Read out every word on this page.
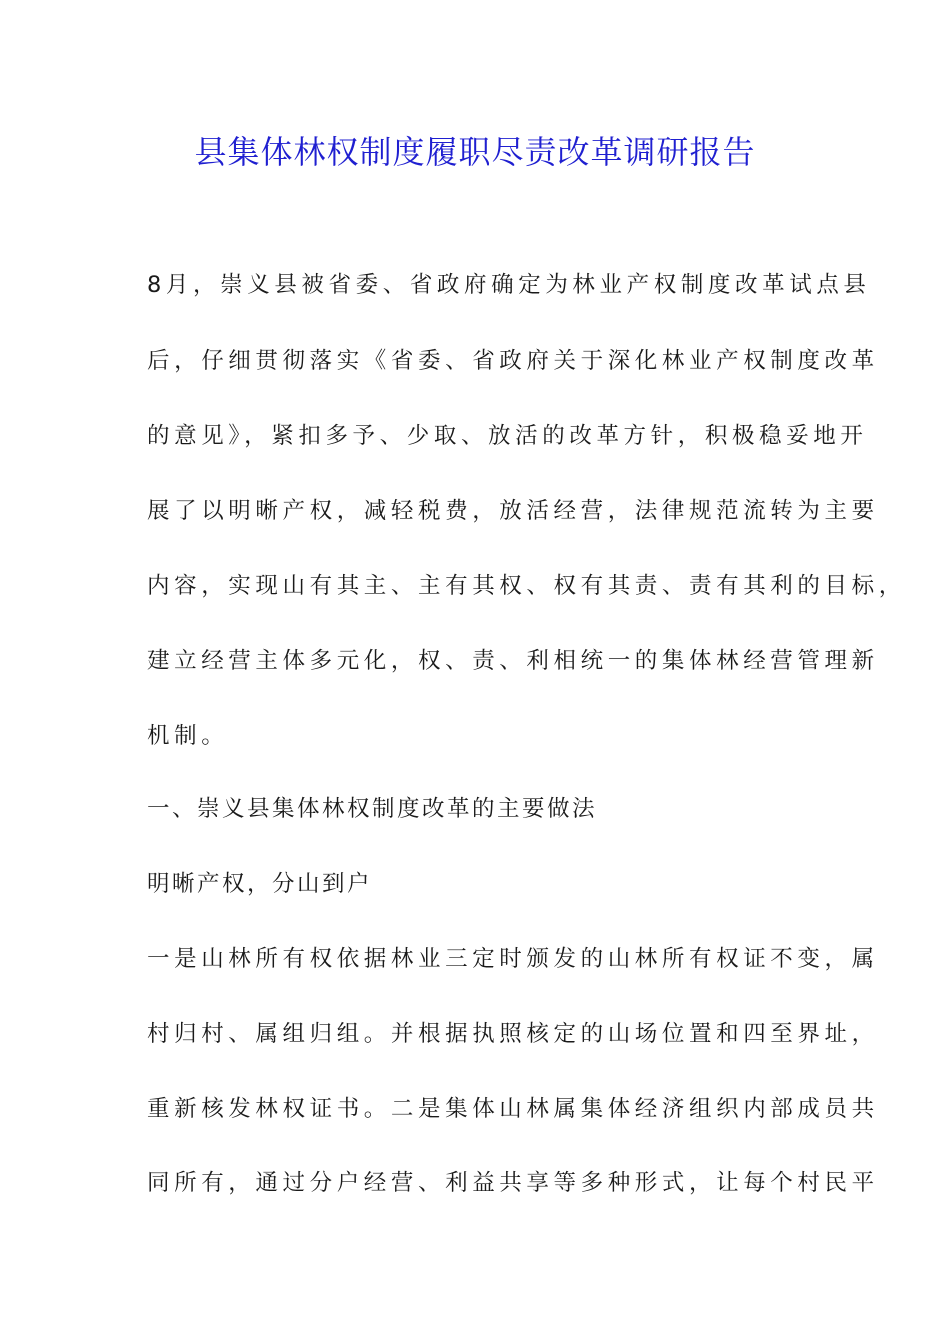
县集体林权制度履职尽责改革调研报告
8月，崇义县被省委、省政府确定为林业产权制度改革试点县
后，仔细贯彻落实《省委、省政府关于深化林业产权制度改革
的意见》，紧扣多予、少取、放活的改革方针，积极稳妥地开
展了以明晰产权，减轻税费，放活经营，法律规范流转为主要
内容，实现山有其主、主有其权、权有其责、责有其利的目标，
建立经营主体多元化，权、责、利相统一的集体林经营管理新
机制。
一、崇义县集体林权制度改革的主要做法
明晰产权，分山到户
一是山林所有权依据林业三定时颁发的山林所有权证不变，属
村归村、属组归组。并根据执照核定的山场位置和四至界址，
重新核发林权证书。二是集体山林属集体经济组织内部成员共
同所有，通过分户经营、利益共享等多种形式，让每个村民平
